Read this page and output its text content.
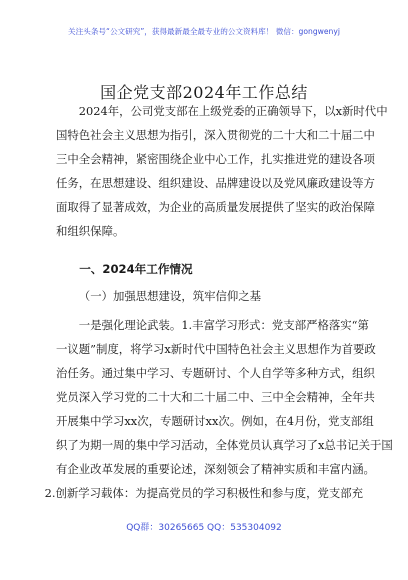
关注头条号“公文研究”，获得最新最全最专业的公文资料库！ 微信：gongwenyj
国企党支部2024年工作总结
2024年，公司党支部在上级党委的正确领导下，以x新时代中
国特色社会主义思想为指引，深入贯彻党的二十大和二十届二中
三中全会精神，紧密围绕企业中心工作，扎实推进党的建设各项
任务，在思想建设、组织建设、品牌建设以及党风廉政建设等方
面取得了显著成效，为企业的高质量发展提供了坚实的政治保障
和组织保障。
一、2024年工作情况
（一）加强思想建设，筑牢信仰之基
一是强化理论武装。1.丰富学习形式：党支部严格落实“第
一议题”制度，将学习x新时代中国特色社会主义思想作为首要政
治任务。通过集中学习、专题研讨、个人自学等多种方式，组织
党员深入学习党的二十大和二十届二中、三中全会精神，全年共
开展集中学习xx次，专题研讨xx次。例如，在4月份，党支部组
织了为期一周的集中学习活动，全体党员认真学习了x总书记关于国
有企业改革发展的重要论述，深刻领会了精神实质和丰富内涵。
2.创新学习载体：为提高党员的学习积极性和参与度，党支部充
QQ群：30265665 QQ：535304092
